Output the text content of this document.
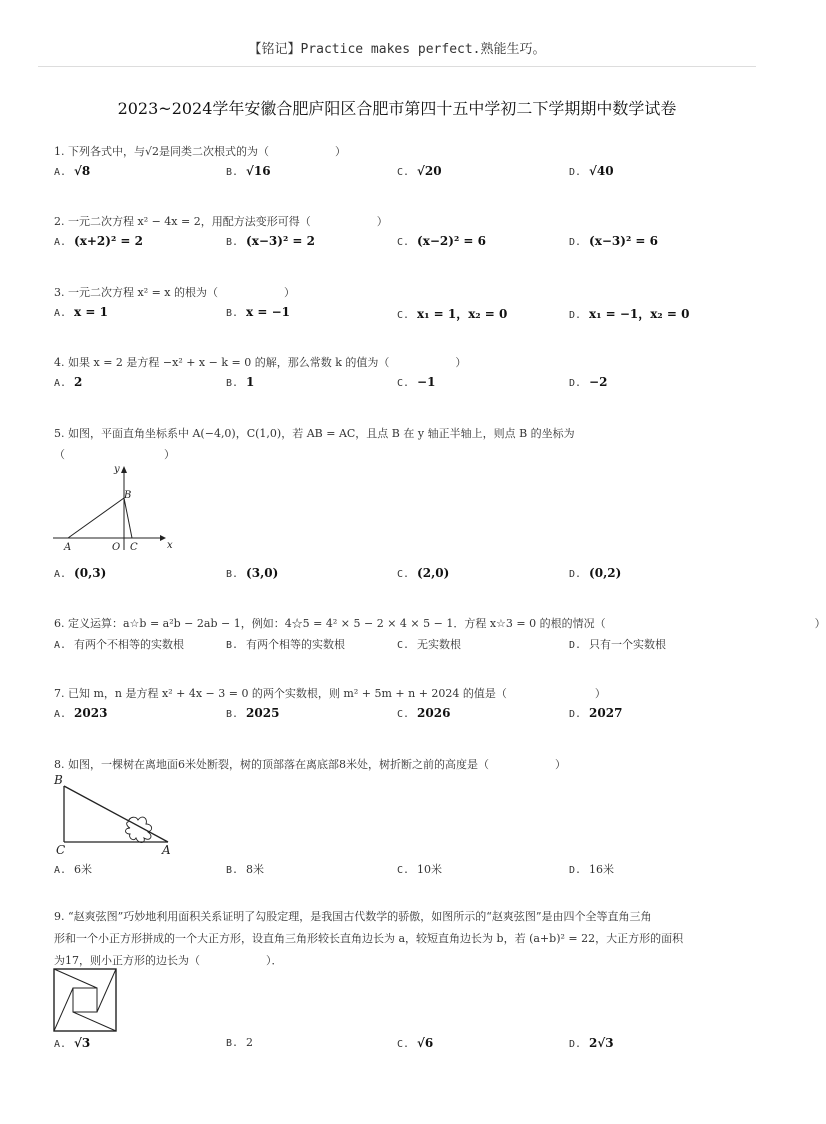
【铭记】Practice makes perfect.熟能生巧。
2023~2024学年安徽合肥庐阳区合肥市第四十五中学初二下学期期中数学试卷
1. 下列各式中，与√2是同类二次根式的为（　　　　　　）
A. √8	B. √16	C. √20	D. √40
2. 一元二次方程 x² − 4x = 2，用配方法变形可得（　　　　　　）
A. (x+2)² = 2	B. (x−3)² = 2	C. (x−2)² = 6	D. (x−3)² = 6
3. 一元二次方程 x² = x 的根为（　　　　　　）
A. x = 1	B. x = −1	C. x₁ = 1，x₂ = 0	D. x₁ = −1，x₂ = 0
4. 如果 x = 2 是方程 −x² + x − k = 0 的解，那么常数 k 的值为（　　　　　　）
A. 2	B. 1	C. −1	D. −2
5. 如图，平面直角坐标系中 A(−4,0)，C(1,0)，若 AB = AC，且点 B 在 y 轴正半轴上，则点 B 的坐标为
（　　　　　　　　　）
y
x
B
A	O C
A. (0,3)	B. (3,0)	C. (2,0)	D. (0,2)
6. 定义运算：a☆b = a²b − 2ab − 1，例如：4☆5 = 4² × 5 − 2 × 4 × 5 − 1．方程 x☆3 = 0 的根的情况（　　　　　　　　　　　　　　　　　　　）
A. 有两个不相等的实数根	B. 有两个相等的实数根	C. 无实数根	D. 只有一个实数根
7. 已知 m，n 是方程 x² + 4x − 3 = 0 的两个实数根，则 m² + 5m + n + 2024 的值是（　　　　　　　　）
A. 2023	B. 2025	C. 2026	D. 2027
8. 如图，一棵树在离地面6米处断裂，树的顶部落在离底部8米处，树折断之前的高度是（　　　　　　）
B
C	A
A. 6米	B. 8米	C. 10米	D. 16米
9. “赵爽弦图”巧妙地利用面积关系证明了勾股定理，是我国古代数学的骄傲，如图所示的“赵爽弦图”是由四个全等直角三角
形和一个小正方形拼成的一个大正方形，设直角三角形较长直角边长为 a，较短直角边长为 b，若 (a+b)² = 22，大正方形的面积
为17，则小正方形的边长为（　　　　　　）．
A. √3	B. 2	C. √6	D. 2√3
